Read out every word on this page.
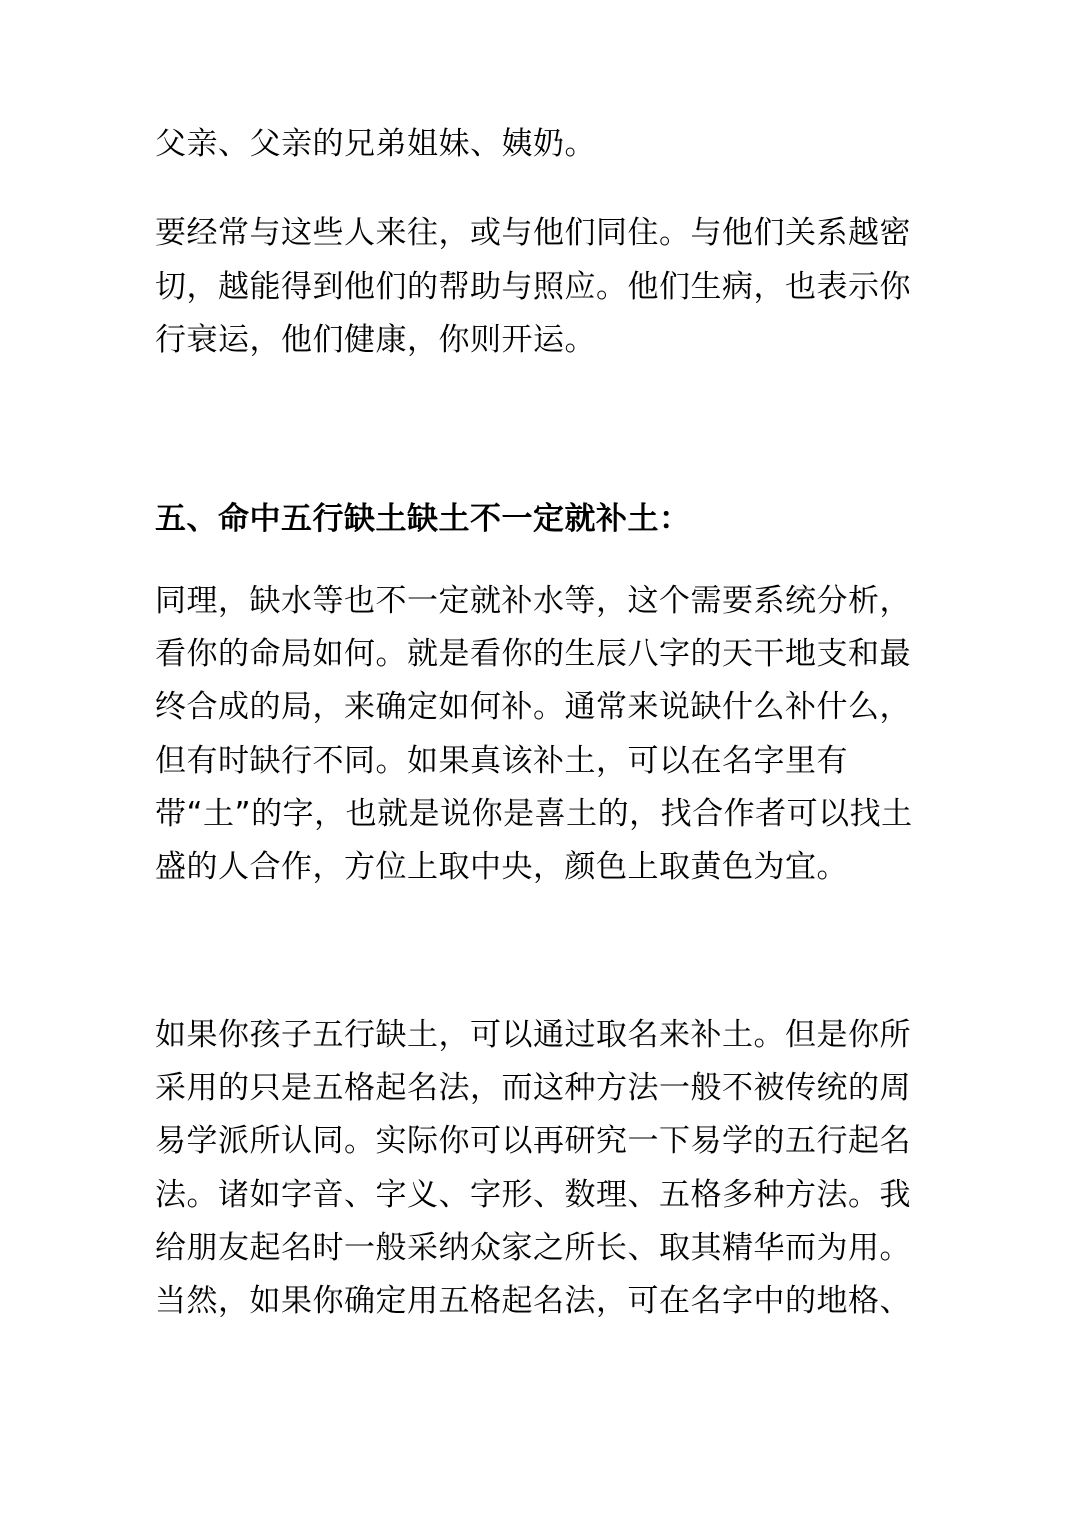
父亲、父亲的兄弟姐妹、姨奶。

要经常与这些人来往，或与他们同住。与他们关系越密切，越能得到他们的帮助与照应。他们生病，也表示你行衰运，他们健康，你则开运。

五、命中五行缺土缺土不一定就补土：

同理，缺水等也不一定就补水等，这个需要系统分析，看你的命局如何。就是看你的生辰八字的天干地支和最终合成的局，来确定如何补。通常来说缺什么补什么，但有时缺行不同。如果真该补土，可以在名字里有带“土”的字，也就是说你是喜土的，找合作者可以找土盛的人合作，方位上取中央，颜色上取黄色为宜。

如果你孩子五行缺土，可以通过取名来补土。但是你所采用的只是五格起名法，而这种方法一般不被传统的周易学派所认同。实际你可以再研究一下易学的五行起名法。诸如字音、字义、字形、数理、五格多种方法。我给朋友起名时一般采纳众家之所长、取其精华而为用。当然，如果你确定用五格起名法，可在名字中的地格、
